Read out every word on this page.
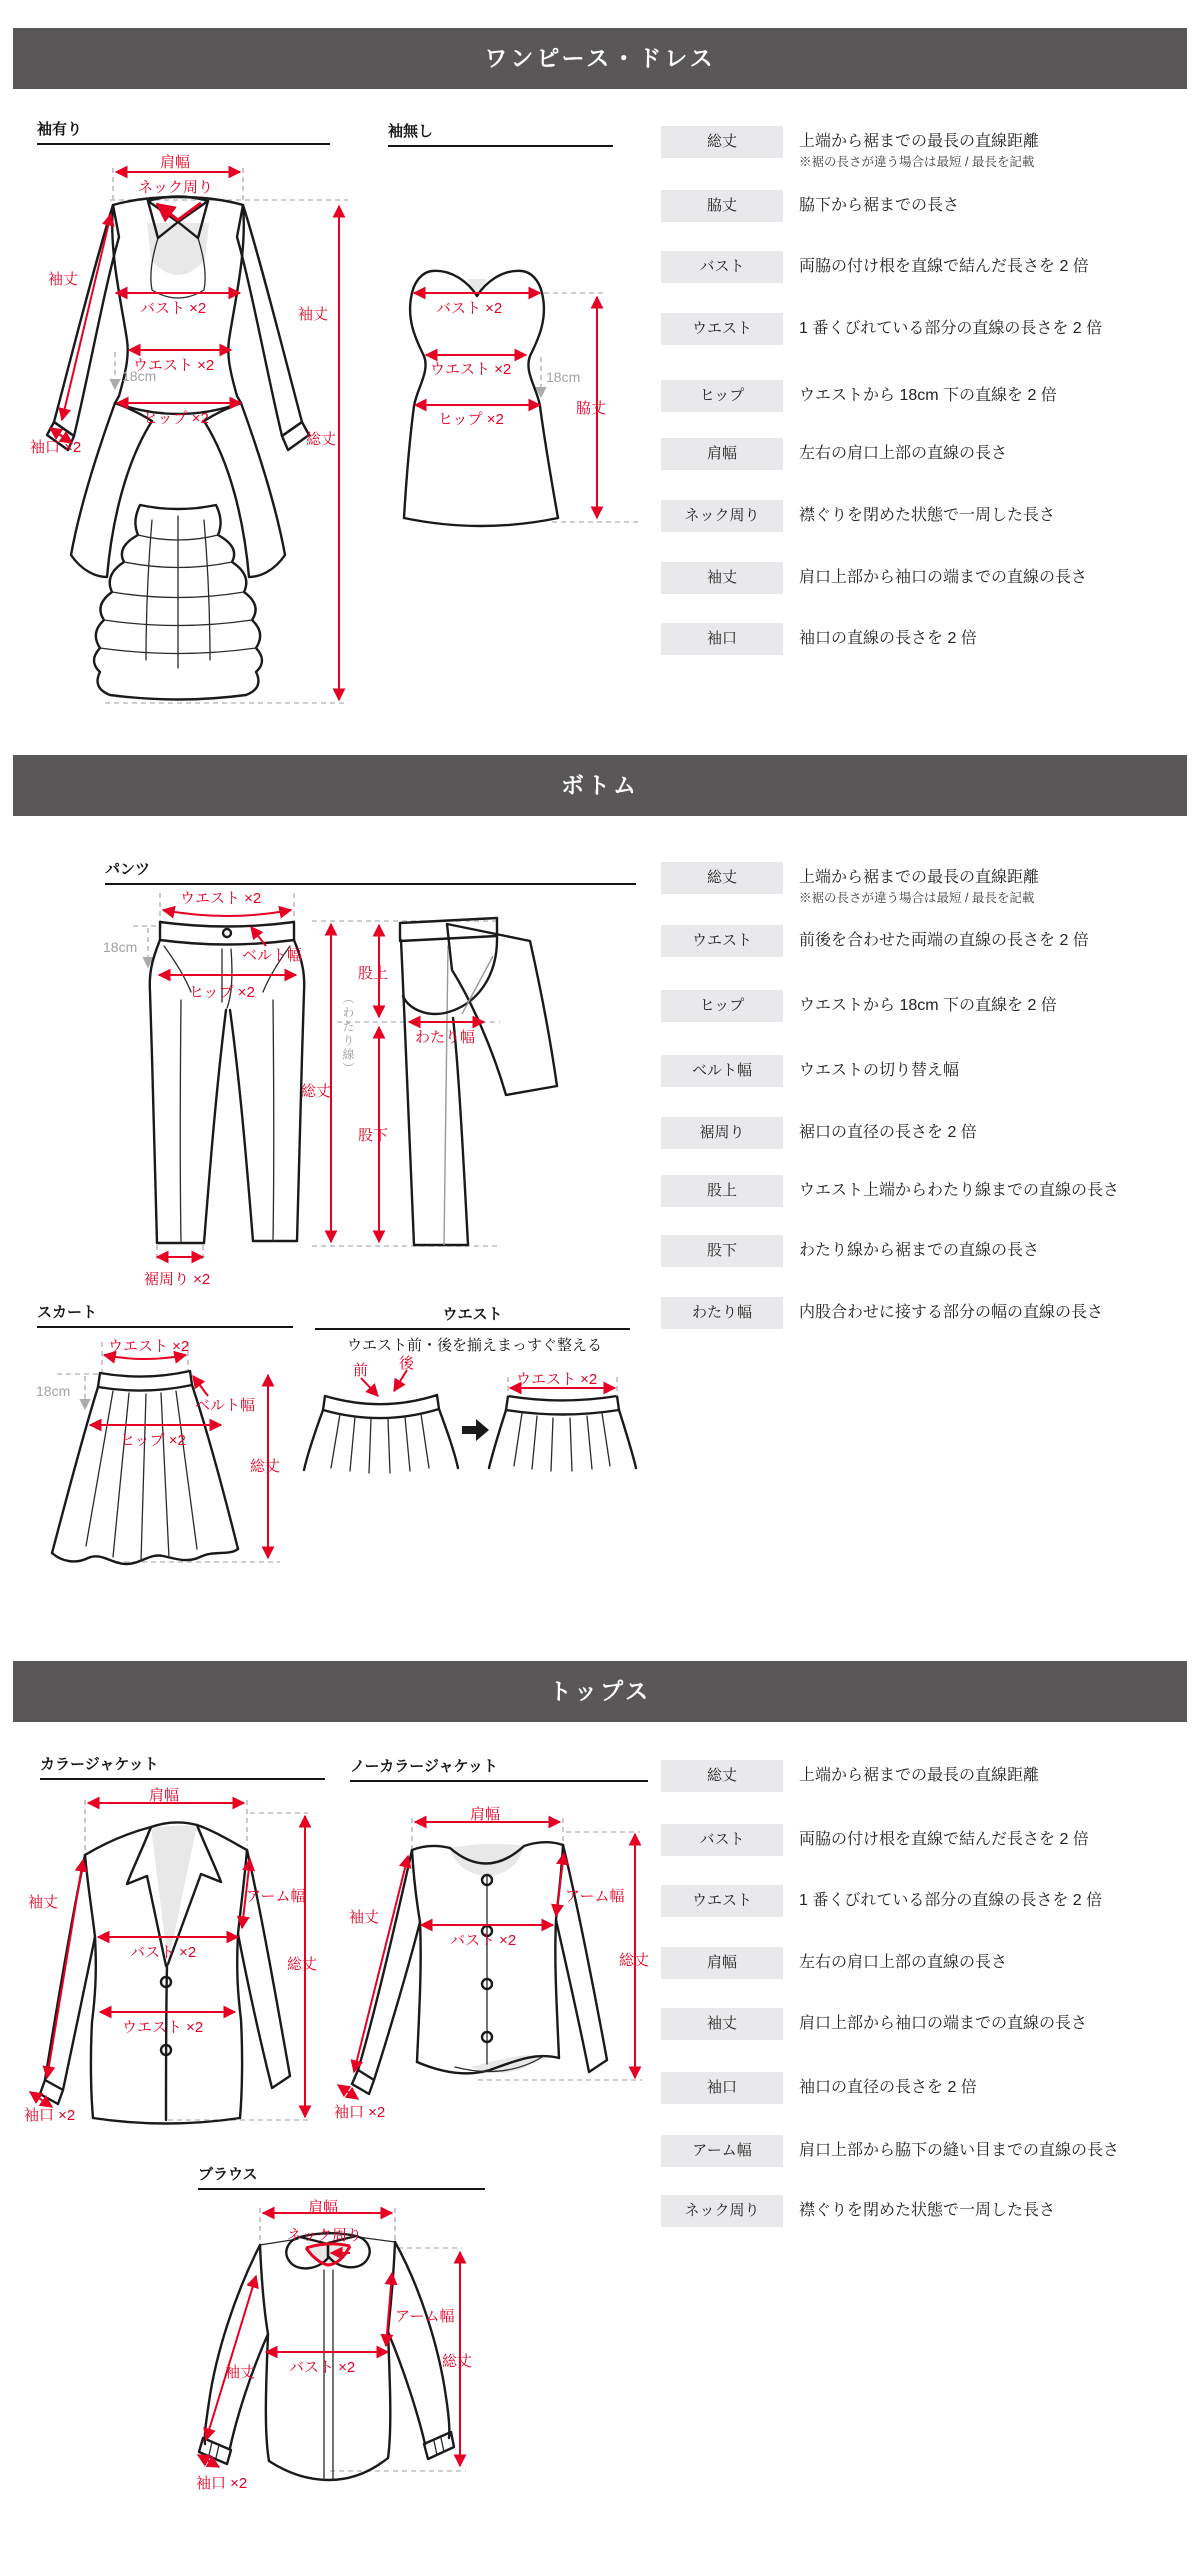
ワンピース・ドレス
ボトム
トップス
袖有り	袖無し
パンツ
スカート	ウエスト
カラージャケット	ノーカラージャケット
ブラウス
肩幅
ネック周り
袖丈
袖丈
バスト ×2
ウエスト ×2
18cm
ヒップ ×2
袖口 ×2	総丈
バスト ×2
ウエスト ×2 18cm
ヒップ ×2
脇丈
ウエスト ×2
18cm	ベルト幅
ヒップ ×2
裾周り ×2
総丈
股上
（わたり線）	わたり幅
股下
ウエスト ×2
18cm
ベルト幅
ヒップ ×2
総丈
ウエスト前・後を揃えまっすぐ整える
前 後
ウエスト ×2
肩幅
袖丈	アーム幅
バスト ×2
ウエスト ×2
総丈
袖口 ×2
肩幅
袖丈
アーム幅
バスト ×2
総丈
袖口 ×2
肩幅
ネック周り
袖丈
アーム幅
バスト ×2	総丈
袖口 ×2
総丈	上端から裾までの最長の直線距離
※裾の長さが違う場合は最短 / 最長を記載
脇丈	脇下から裾までの長さ
バスト	両脇の付け根を直線で結んだ長さを 2 倍
ウエスト	1 番くびれている部分の直線の長さを 2 倍
ヒップ	ウエストから 18cm 下の直線を 2 倍
肩幅	左右の肩口上部の直線の長さ
ネック周り	襟ぐりを閉めた状態で一周した長さ
袖丈	肩口上部から袖口の端までの直線の長さ
袖口	袖口の直線の長さを 2 倍
総丈	上端から裾までの最長の直線距離
※裾の長さが違う場合は最短 / 最長を記載
ウエスト	前後を合わせた両端の直線の長さを 2 倍
ヒップ	ウエストから 18cm 下の直線を 2 倍
ベルト幅	ウエストの切り替え幅
裾周り	裾口の直径の長さを 2 倍
股上	ウエスト上端からわたり線までの直線の長さ
股下	わたり線から裾までの直線の長さ
わたり幅	内股合わせに接する部分の幅の直線の長さ
総丈	上端から裾までの最長の直線距離
バスト	両脇の付け根を直線で結んだ長さを 2 倍
ウエスト	1 番くびれている部分の直線の長さを 2 倍
肩幅	左右の肩口上部の直線の長さ
袖丈	肩口上部から袖口の端までの直線の長さ
袖口	袖口の直径の長さを 2 倍
アーム幅	肩口上部から脇下の縫い目までの直線の長さ
ネック周り	襟ぐりを閉めた状態で一周した長さ
